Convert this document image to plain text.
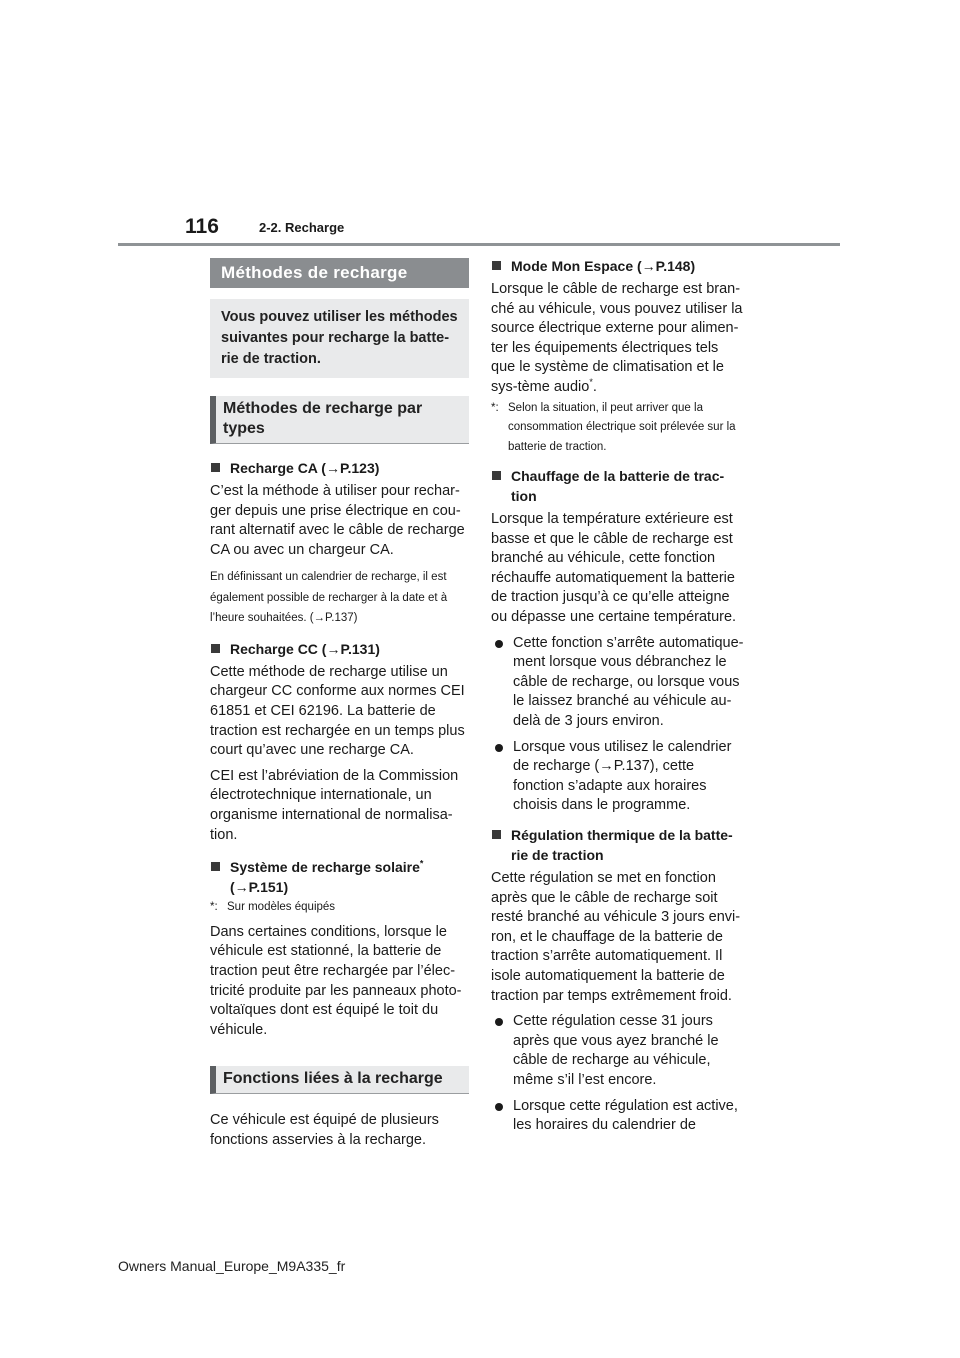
116	2-2. Recharge
Méthodes de recharge
Vous pouvez utiliser les méthodes suivantes pour recharge la batte-rie de traction.
Méthodes de recharge par types
Recharge CA (→P.123)
C’est la méthode à utiliser pour rechar-ger depuis une prise électrique en cou-rant alternatif avec le câble de recharge CA ou avec un chargeur CA.
En définissant un calendrier de recharge, il est également possible de recharger à la date et à l’heure souhaitées. (→P.137)
Recharge CC (→P.131)
Cette méthode de recharge utilise un chargeur CC conforme aux normes CEI 61851 et CEI 62196. La batterie de traction est rechargée en un temps plus court qu’avec une recharge CA.
CEI est l’abréviation de la Commission électrotechnique internationale, un organisme international de normalisa-tion.
Système de recharge solaire*
(→P.151)
*: Sur modèles équipés
Dans certaines conditions, lorsque le véhicule est stationné, la batterie de traction peut être rechargée par l’élec-tricité produite par les panneaux photo-voltaïques dont est équipé le toit du véhicule.
Fonctions liées à la recharge
Ce véhicule est équipé de plusieurs fonctions asservies à la recharge.
Mode Mon Espace (→P.148)
Lorsque le câble de recharge est bran-ché au véhicule, vous pouvez utiliser la source électrique externe pour alimen-ter les équipements électriques tels que le système de climatisation et le sys-tème audio*.
*: Selon la situation, il peut arriver que la consommation électrique soit prélevée sur la batterie de traction.
Chauffage de la batterie de trac-tion
Lorsque la température extérieure est basse et que le câble de recharge est branché au véhicule, cette fonction réchauffe automatiquement la batterie de traction jusqu’à ce qu’elle atteigne ou dépasse une certaine température.
Cette fonction s’arrête automatique-ment lorsque vous débranchez le câble de recharge, ou lorsque vous le laissez branché au véhicule au-delà de 3 jours environ.
Lorsque vous utilisez le calendrier de recharge (→P.137), cette fonction s’adapte aux horaires choisis dans le programme.
Régulation thermique de la batte-rie de traction
Cette régulation se met en fonction après que le câble de recharge soit resté branché au véhicule 3 jours envi-ron, et le chauffage de la batterie de traction s’arrête automatiquement. Il isole automatiquement la batterie de traction par temps extrêmement froid.
Cette régulation cesse 31 jours après que vous ayez branché le câble de recharge au véhicule, même s’il l’est encore.
Lorsque cette régulation est active, les horaires du calendrier de
Owners Manual_Europe_M9A335_fr
